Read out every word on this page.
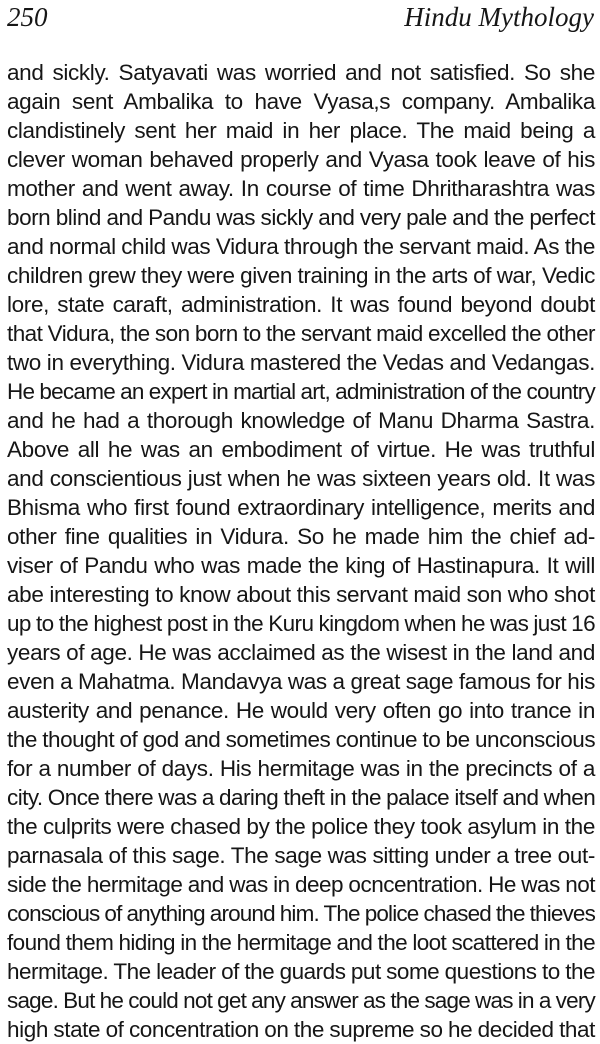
250	Hindu Mythology
and sickly. Satyavati was worried and not satisfied. So she
again sent Ambalika to have Vyasa,s company. Ambalika
clandistinely sent her maid in her place. The maid being a
clever woman behaved properly and Vyasa took leave of his
mother and went away. In course of time Dhritharashtra was
born blind and Pandu was sickly and very pale and the perfect
and normal child was Vidura through the servant maid. As the
children grew they were given training in the arts of war, Vedic
lore, state caraft, administration. It was found beyond doubt
that Vidura, the son born to the servant maid excelled the other
two in everything. Vidura mastered the Vedas and Vedangas.
He became an expert in martial art, administration of the country
and he had a thorough knowledge of Manu Dharma Sastra.
Above all he was an embodiment of virtue. He was truthful
and conscientious just when he was sixteen years old. It was
Bhisma who first found extraordinary intelligence, merits and
other fine qualities in Vidura. So he made him the chief ad-
viser of Pandu who was made the king of Hastinapura. It will
abe interesting to know about this servant maid son who shot
up to the highest post in the Kuru kingdom when he was just 16
years of age. He was acclaimed as the wisest in the land and
even a Mahatma. Mandavya was a great sage famous for his
austerity and penance. He would very often go into trance in
the thought of god and sometimes continue to be unconscious
for a number of days. His hermitage was in the precincts of a
city. Once there was a daring theft in the palace itself and when
the culprits were chased by the police they took asylum in the
parnasala of this sage. The sage was sitting under a tree out-
side the hermitage and was in deep ocncentration. He was not
conscious of anything around him. The police chased the thieves
found them hiding in the hermitage and the loot scattered in the
hermitage. The leader of the guards put some questions to the
sage. But he could not get any answer as the sage was in a very
high state of concentration on the supreme so he decided that
